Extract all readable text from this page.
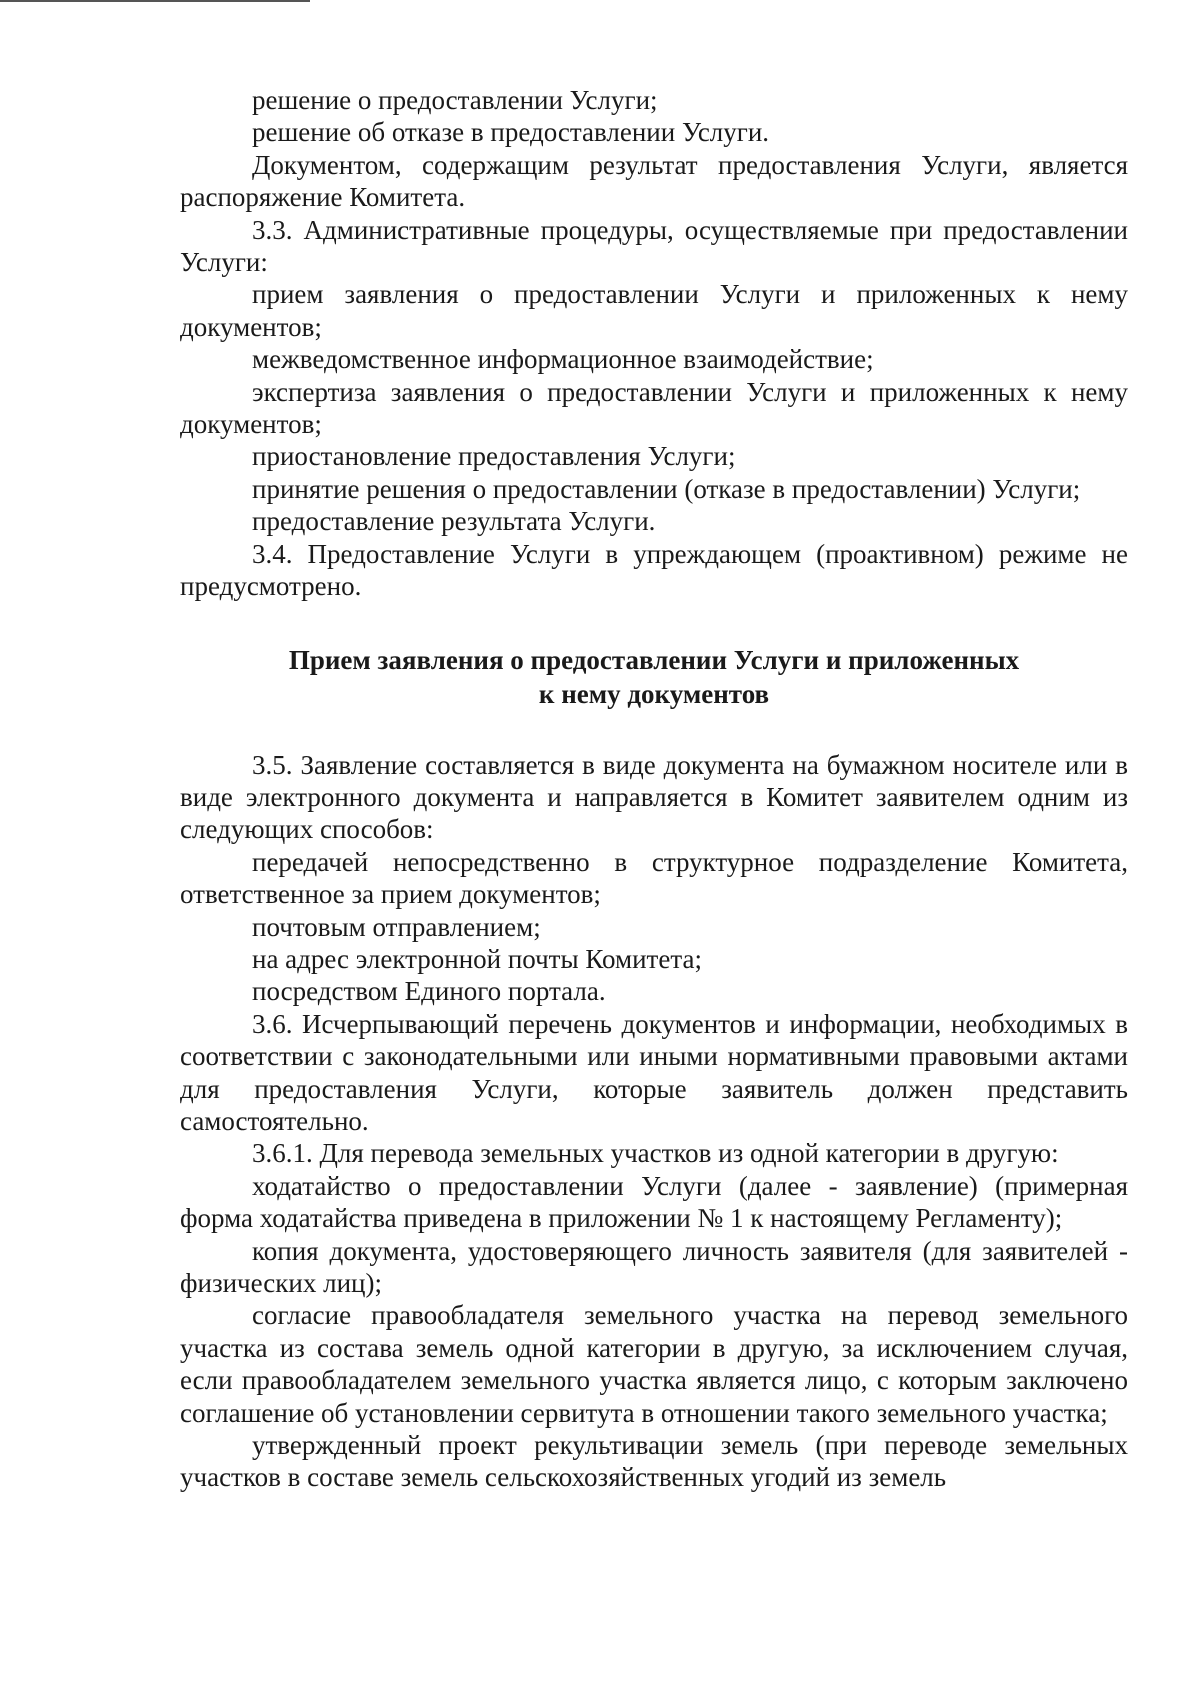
решение о предоставлении Услуги;

решение об отказе в предоставлении Услуги.

Документом, содержащим результат предоставления Услуги, является распоряжение Комитета.

3.3. Административные процедуры, осуществляемые при предоставлении Услуги:

прием заявления о предоставлении Услуги и приложенных к нему документов;

межведомственное информационное взаимодействие;

экспертиза заявления о предоставлении Услуги и приложенных к нему документов;

приостановление предоставления Услуги;

принятие решения о предоставлении (отказе в предоставлении) Услуги;

предоставление результата Услуги.

3.4. Предоставление Услуги в упреждающем (проактивном) режиме не предусмотрено.

Прием заявления о предоставлении Услуги и приложенных
к нему документов

3.5. Заявление составляется в виде документа на бумажном носителе или в виде электронного документа и направляется в Комитет заявителем одним из следующих способов:

передачей непосредственно в структурное подразделение Комитета, ответственное за прием документов;

почтовым отправлением;

на адрес электронной почты Комитета;

посредством Единого портала.

3.6. Исчерпывающий перечень документов и информации, необходимых в соответствии с законодательными или иными нормативными правовыми актами для предоставления Услуги, которые заявитель должен представить самостоятельно.

3.6.1. Для перевода земельных участков из одной категории в другую:

ходатайство о предоставлении Услуги (далее - заявление) (примерная форма ходатайства приведена в приложении № 1 к настоящему Регламенту);

копия документа, удостоверяющего личность заявителя (для заявителей - физических лиц);

согласие правообладателя земельного участка на перевод земельного участка из состава земель одной категории в другую, за исключением случая, если правообладателем земельного участка является лицо, с которым заключено соглашение об установлении сервитута в отношении такого земельного участка;

утвержденный проект рекультивации земель (при переводе земельных участков в составе земель сельскохозяйственных угодий из земель
